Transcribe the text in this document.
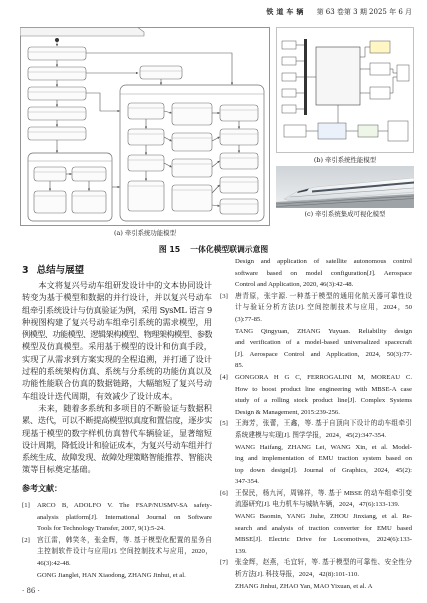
铁道车辆 第 63 卷第 3 期 2025 年 6 月
(b) 牵引系统性能模型
(c) 牵引系统集成可视化模型
(a) 牵引系统功能模型
图 15 一体化模型联调示意图
3 总结与展望
本文将复兴号动车组研发设计中的文本协同设计
转变为基于模型和数据的并行设计，并以复兴号动车
组牵引系统设计与仿真验证为例，采用 SysML 语言 9
种视图构建了复兴号动车组牵引系统的需求模型，用
例模型、功能模型、逻辑架构模型、物理架构模型、参数
模型及仿真模型。采用基于模型的设计和仿真手段，
实现了从需求到方案实现的全程追溯，并打通了设计
过程的系统架构仿真、系统与分系统的功能仿真以及
功能性能联合仿真的数据链路，大幅缩短了复兴号动
车组设计迭代周期，有效减少了设计成本。
未来，随着多系统和多项目的不断验证与数据积
累、迭代，可以不断提高模型拟真度和置信度，逐步实
现基于模型的数字样机仿真替代车辆验证，显著缩短
设计周期，降低设计和验证成本，为复兴号动车组并行
系统生成、故障发现、故障处理策略智能推荐、智能决
策等目标奠定基础。
参考文献：
[1] ARCO B, ADOLFO V. The FSAP/NUSMV-SA safety-
analysis platform[J]. International Journal on Software
Tools for Technology Transfer, 2007, 9(1):5-24.
[2] 宫江雷，韩笑冬，张金辉，等. 基于模型化配置的星务自
主控制软件设计与应用[J]. 空间控制技术与应用，2020，
46(3):42-48.
GONG Jianglei, HAN Xiaodong, ZHANG Jinhui, et al.
Design and application of satellite autonomous control
software based on model configuration[J]. Aerospace
Control and Application, 2020, 46(3):42-48.
[3] 唐青原，张宇源. 一种基于模型的通用化航天器可靠性设
计与验证分析方法[J]. 空间控制技术与应用，2024，50
(3):77-85.
TANG Qingyuan, ZHANG Yuyuan. Reliability design
and verification of a model-based universalized spacecraft
[J]. Aerospace Control and Application, 2024, 50(3):77-
85.
[4] GONGORA H G C, FERROGALINI M, MOREAU C.
How to boost product line engineering with MBSE-A case
study of a rolling stock product line[J]. Complex Systems
Design & Management, 2015:239-256.
[5] 王海芳，张蕾，王鑫，等. 基于自顶向下设计的动车组牵引
系统建模与实现[J]. 图学学报，2024，45(2):347-354.
WANG Haifang, ZHANG Lei, WANG Xin, et al. Model-
ing and implementation of EMU traction system based on
top down design[J]. Journal of Graphics, 2024, 45(2):
347-354.
[6] 王保民，杨九河，周锦祥，等. 基于 MBSE 的动车组牵引变
流器研究[J]. 电力机车与城轨车辆，2024，47(6):133-139.
WANG Baomin, YANG Jiuhe, ZHOU Jinxiang, et al. Re-
search and analysis of traction converter for EMU based
MBSE[J]. Electric Drive for Locomotives, 2024(6):133-
139.
[7] 张金辉，赵燕，毛宜轩，等. 基于模型的可靠性、安全性分
析方法[J]. 科技导报，2024，42(8):101-110.
ZHANG Jinhui, ZHAO Yan, MAO Yixuan, et al. A
· 86 ·
